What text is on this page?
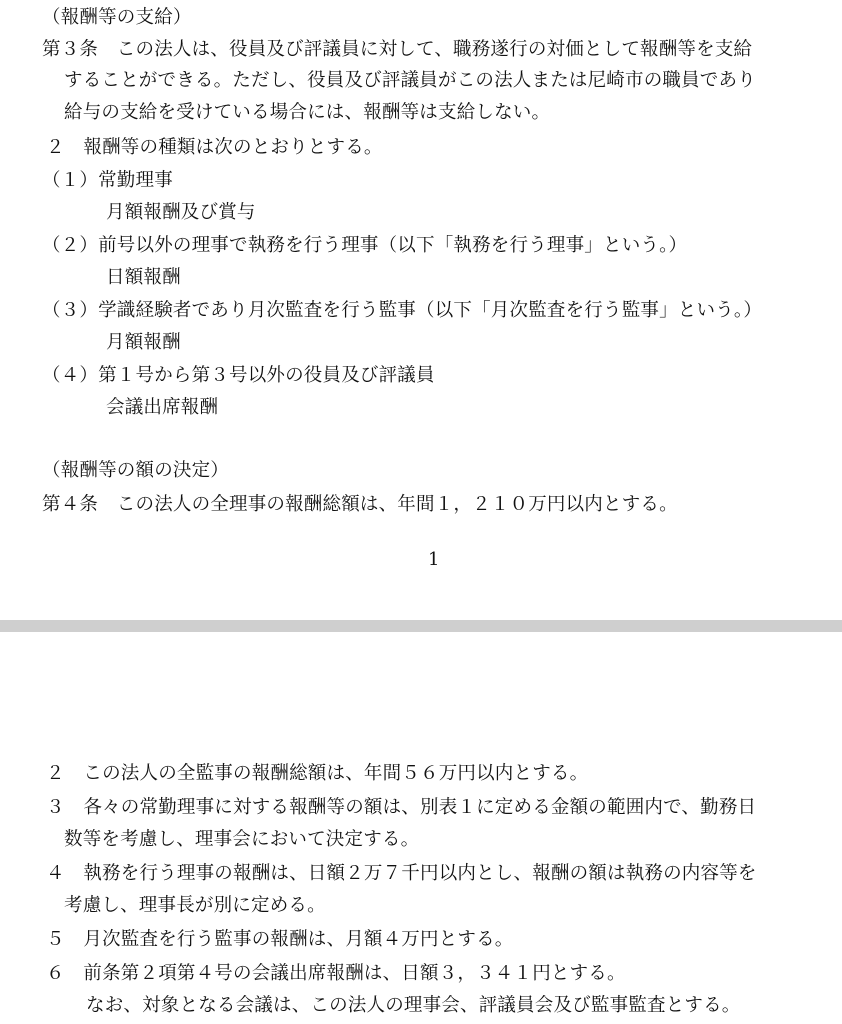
（報酬等の支給）
第３条　この法人は、役員及び評議員に対して、職務遂行の対価として報酬等を支給
することができる。ただし、役員及び評議員がこの法人または尼崎市の職員であり
給与の支給を受けている場合には、報酬等は支給しない。
２　報酬等の種類は次のとおりとする。
（１）常勤理事
月額報酬及び賞与
（２）前号以外の理事で執務を行う理事（以下「執務を行う理事」という。）
日額報酬
（３）学識経験者であり月次監査を行う監事（以下「月次監査を行う監事」という。）
月額報酬
（４）第１号から第３号以外の役員及び評議員
会議出席報酬
（報酬等の額の決定）
第４条　この法人の全理事の報酬総額は、年間１，２１０万円以内とする。
1
２　この法人の全監事の報酬総額は、年間５６万円以内とする。
３　各々の常勤理事に対する報酬等の額は、別表１に定める金額の範囲内で、勤務日
数等を考慮し、理事会において決定する。
４　執務を行う理事の報酬は、日額２万７千円以内とし、報酬の額は執務の内容等を
考慮し、理事長が別に定める。
５　月次監査を行う監事の報酬は、月額４万円とする。
６　前条第２項第４号の会議出席報酬は、日額３，３４１円とする。
なお、対象となる会議は、この法人の理事会、評議員会及び監事監査とする。
